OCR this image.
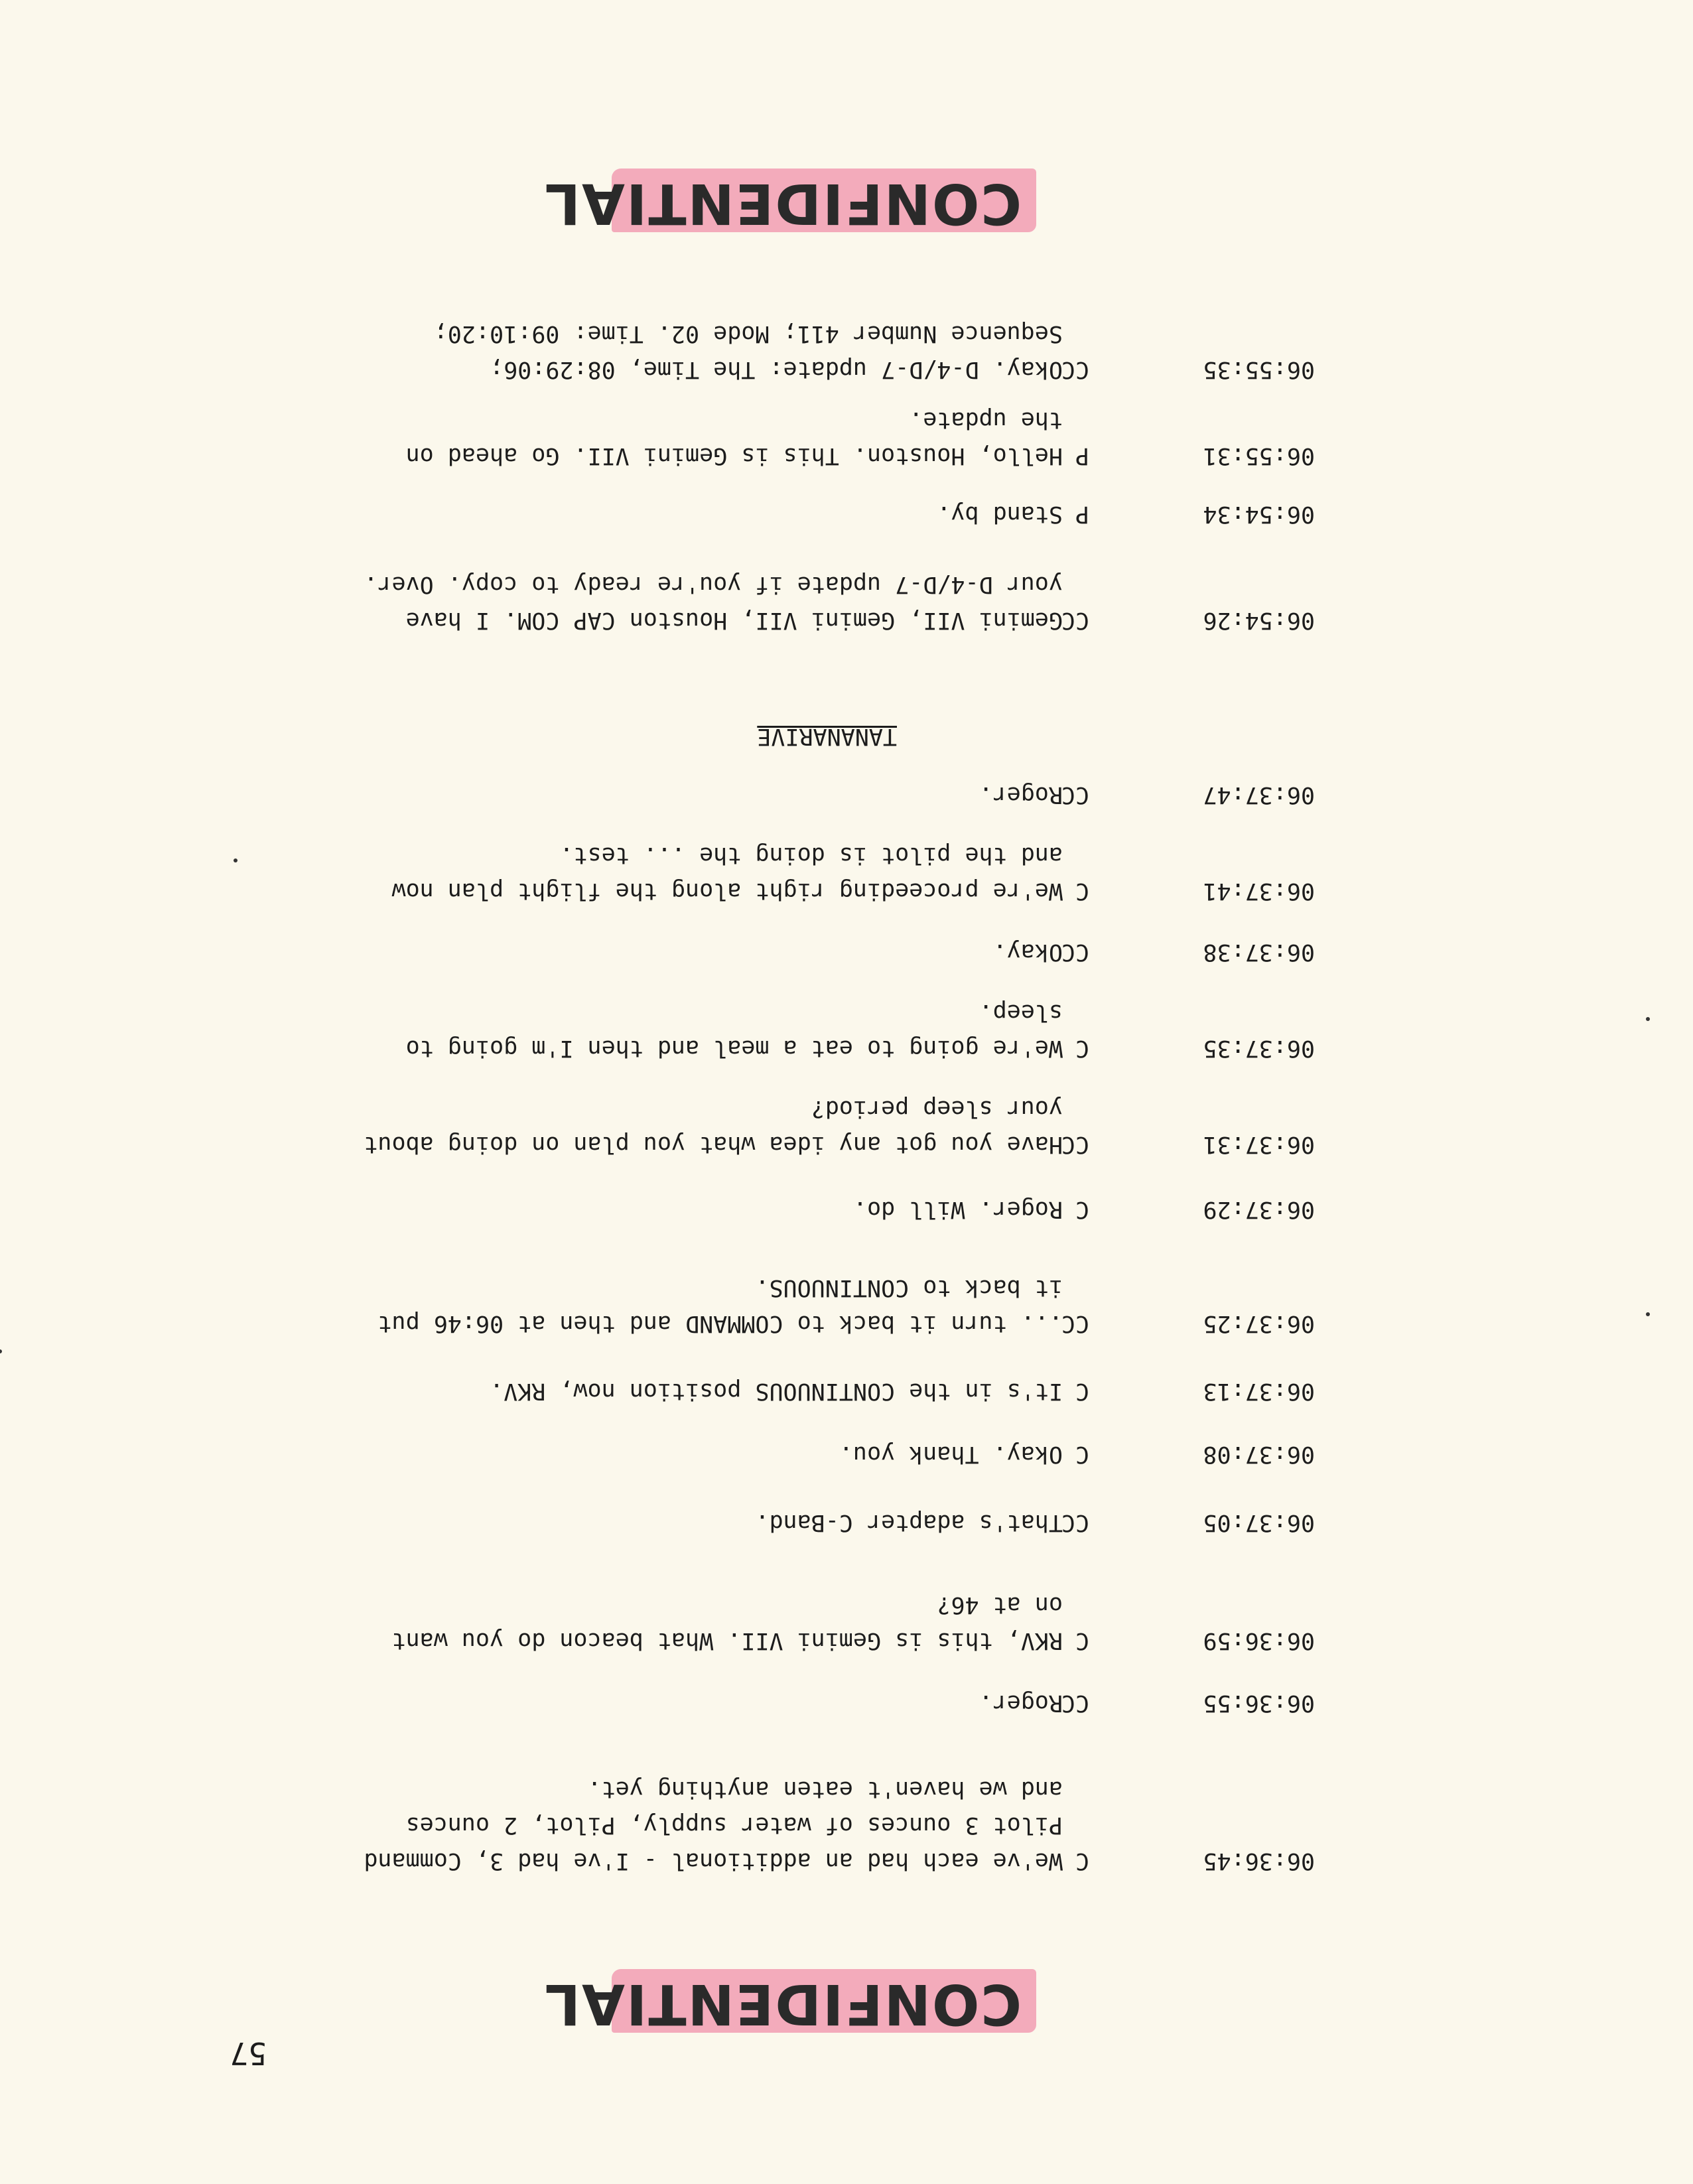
57
CONFIDENTIAL
06:36:45
C
We've each had an additional - I've had 3, Command
Pilot 3 ounces of water supply, Pilot, 2 ounces
and we haven't eaten anything yet.
06:36:55
CC
Roger.
06:36:59
C
RKV, this is Gemini VII. What beacon do you want
on at 46?
06:37:05
CC
That's adapter C-Band.
06:37:08
C
Okay. Thank you.
06:37:13
C
It's in the CONTINUOUS position now, RKV.
06:37:25
CC
... turn it back to COMMAND and then at 06:46 put
it back to CONTINUOUS.
06:37:29
C
Roger. Will do.
06:37:31
CC
Have you got any idea what you plan on doing about
your sleep period?
06:37:35
C
We're going to eat a meal and then I'm going to
sleep.
06:37:38
CC
Okay.
06:37:41
C
We're proceeding right along the flight plan now
and the pilot is doing the ... test.
06:37:47
CC
Roger.
TANANARIVE
06:54:26
CC
Gemini VII, Gemini VII, Houston CAP COM. I have
your D-4/D-7 update if you're ready to copy. Over.
06:54:34
P
Stand by.
06:55:31
P
Hello, Houston. This is Gemini VII. Go ahead on
the update.
06:55:35
CC
Okay. D-4/D-7 update: The Time, 08:29:06;
Sequence Number 411; Mode 02. Time: 09:10:20;
CONFIDENTIAL
